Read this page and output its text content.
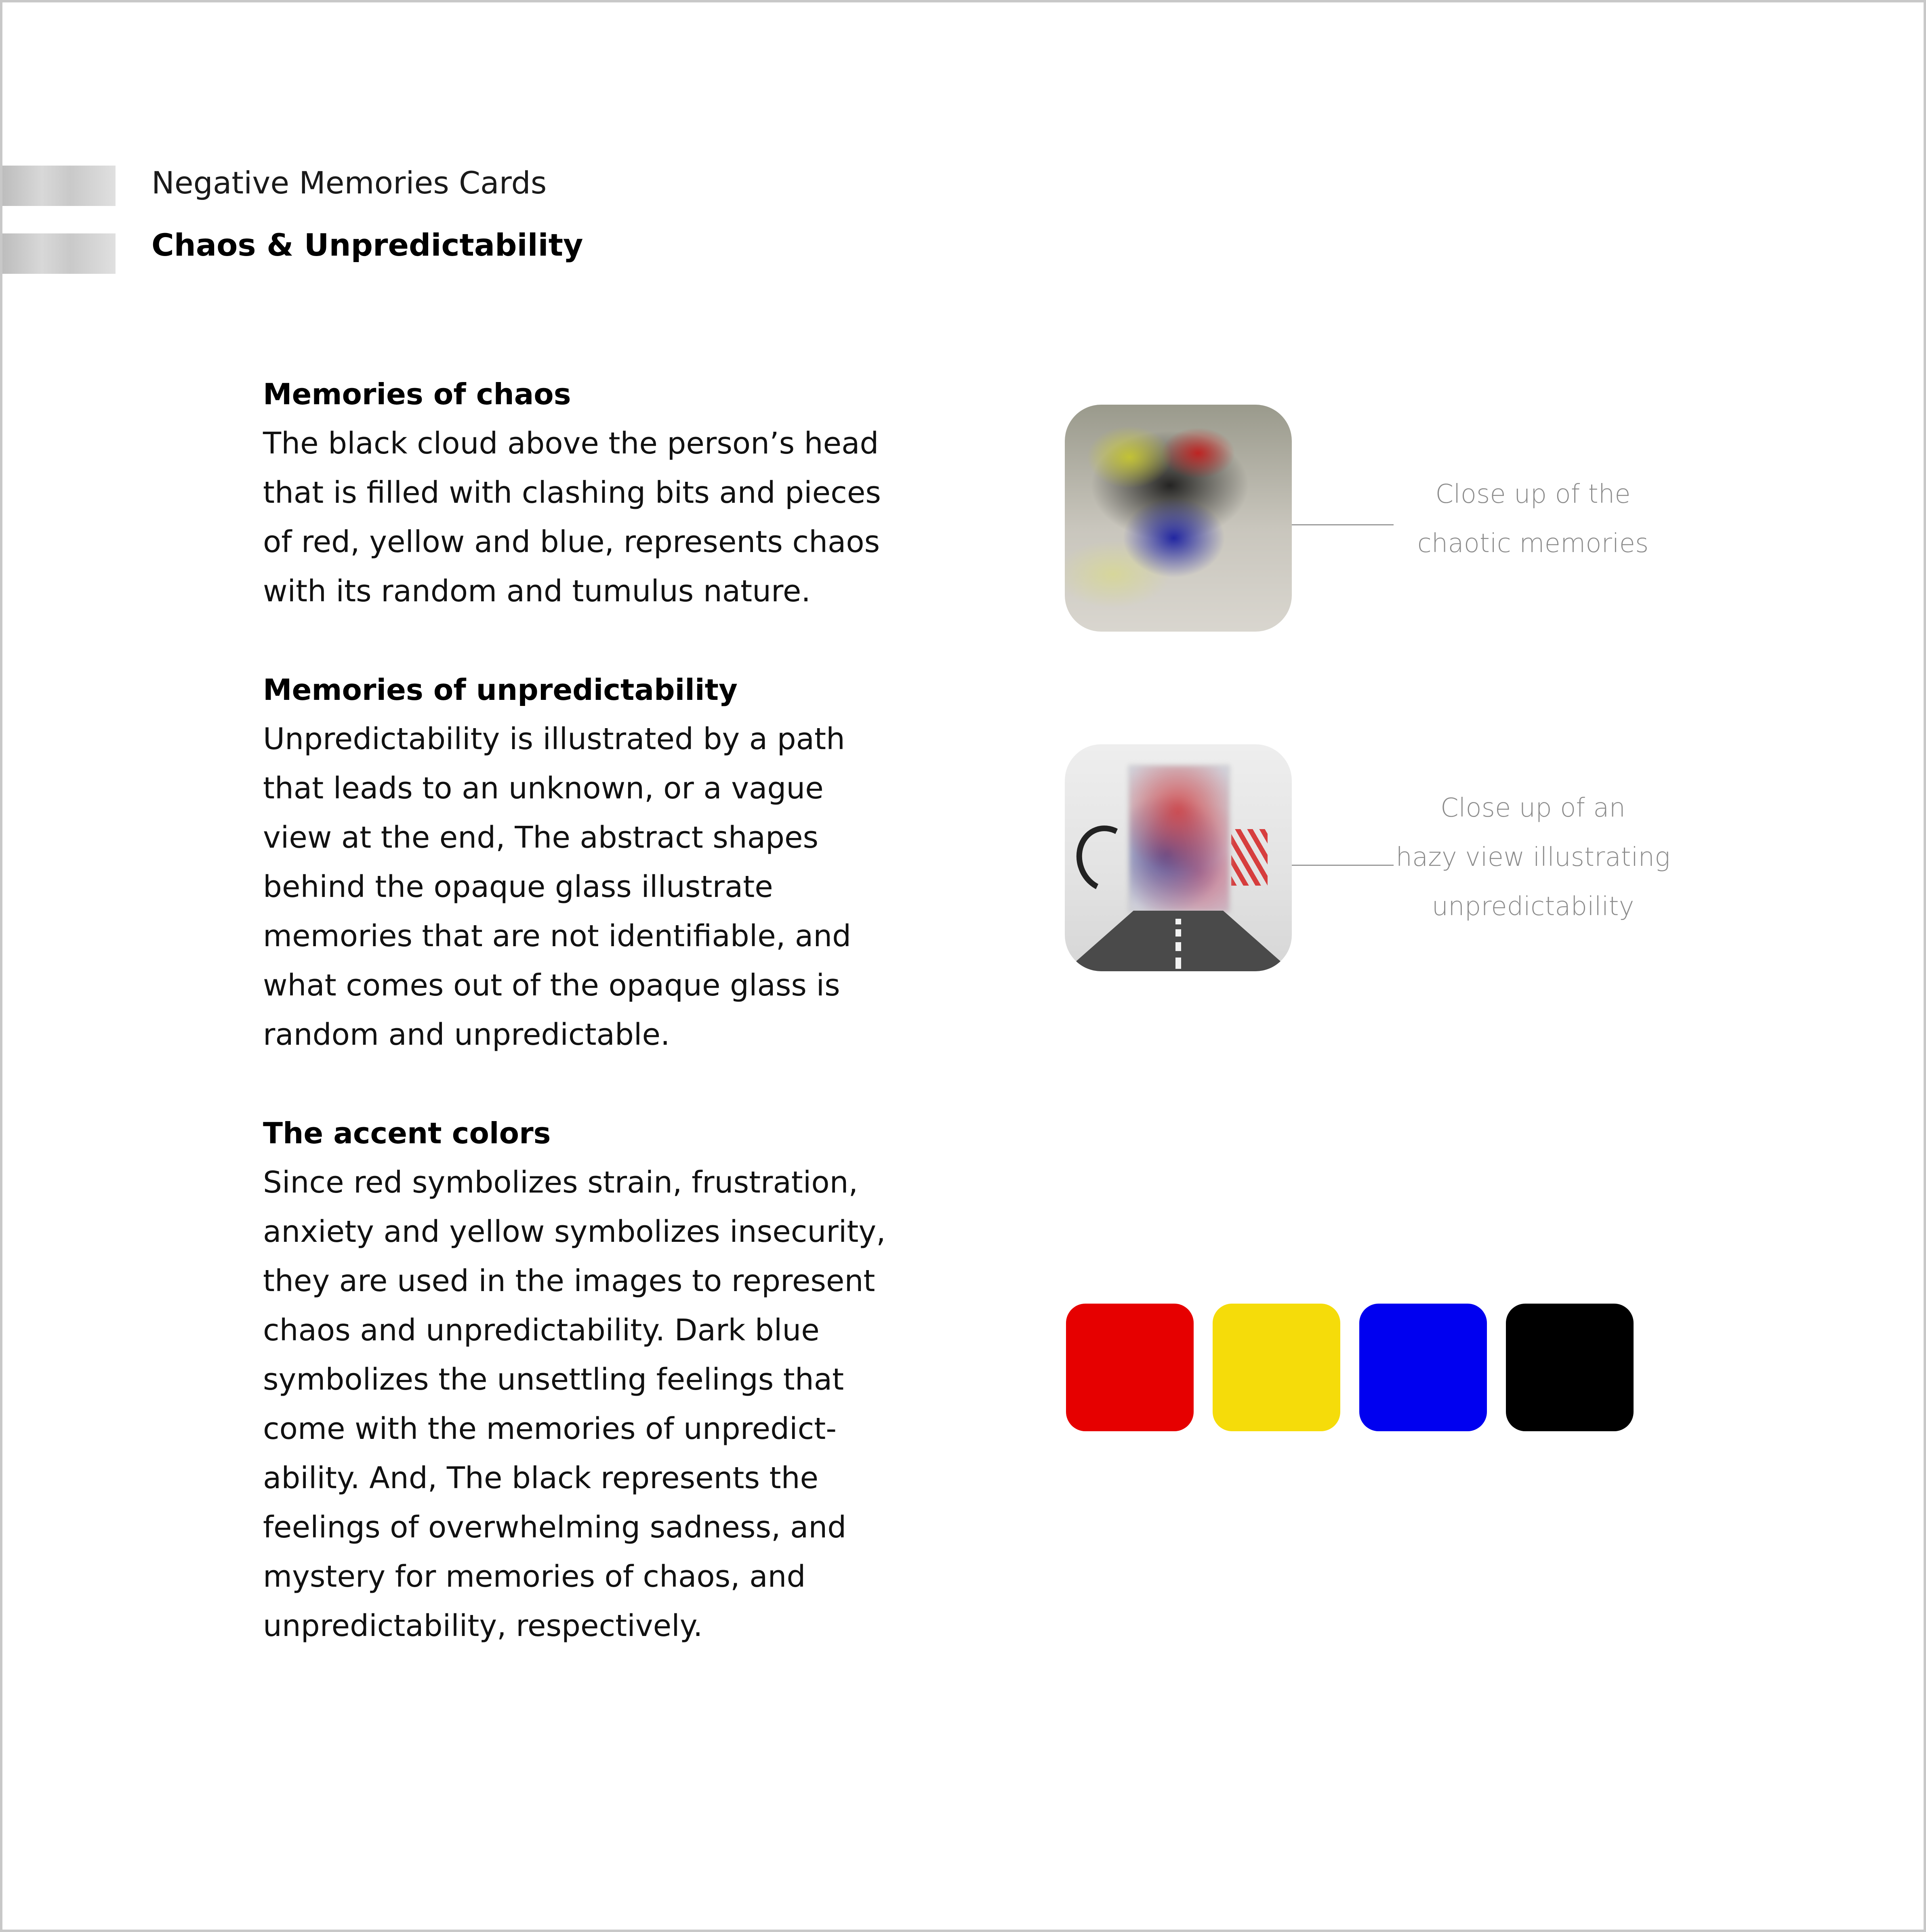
Negative Memories Cards
Chaos & Unpredictability
Memories of chaos
The black cloud above the person’s head
that is filled with clashing bits and pieces
of red, yellow and blue, represents chaos
with its random and tumulus nature.
Memories of unpredictability
Unpredictability is illustrated by a path
that leads to an unknown, or a vague
view at the end, The abstract shapes
behind the opaque glass illustrate
memories that are not identifiable, and
what comes out of the opaque glass is
random and unpredictable.
The accent colors
Since red symbolizes strain, frustration,
anxiety and yellow symbolizes insecurity,
they are used in the images to represent
chaos and unpredictability. Dark blue
symbolizes the unsettling feelings that
come with the memories of unpredict-
ability. And, The black represents the
feelings of overwhelming sadness, and
mystery for memories of chaos, and
unpredictability, respectively.
Close up of the
chaotic memories
Close up of an
hazy view illustrating
unpredictability
